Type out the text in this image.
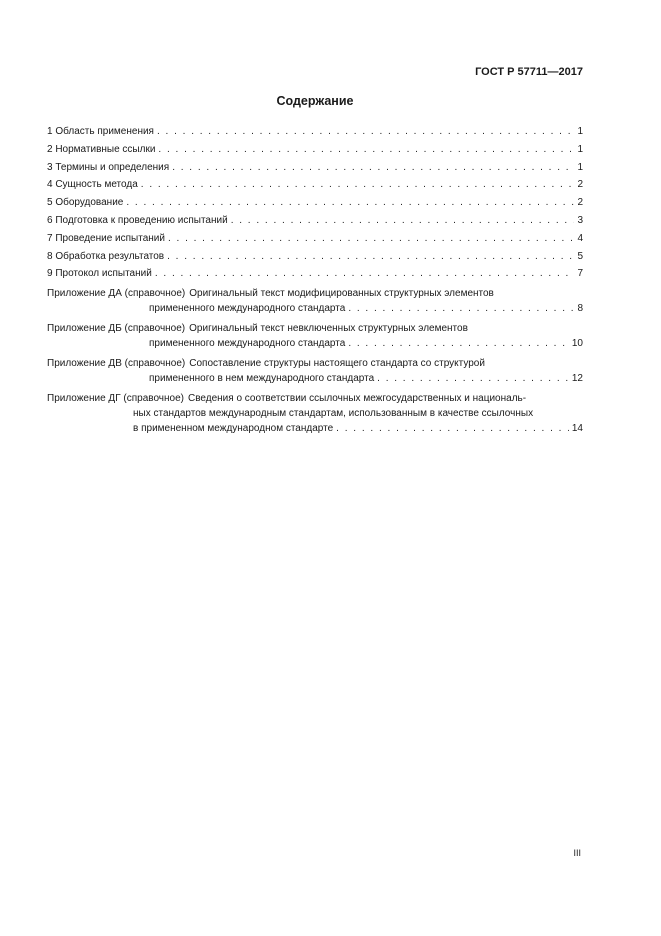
ГОСТ Р 57711—2017
Содержание
1 Область применения . . .	1
2 Нормативные ссылки . . .	1
3 Термины и определения . . .	1
4 Сущность метода . . .	2
5 Оборудование . . .	2
6 Подготовка к проведению испытаний . . .	3
7 Проведение испытаний . . .	4
8 Обработка результатов . . .	5
9 Протокол испытаний . . .	7
Приложение ДА (справочное) Оригинальный текст модифицированных структурных элементов
примененного международного стандарта . . .	8
Приложение ДБ (справочное) Оригинальный текст невключенных структурных элементов
примененного международного стандарта . . .	10
Приложение ДВ (справочное) Сопоставление структуры настоящего стандарта со структурой
примененного в нем международного стандарта . . .	12
Приложение ДГ (справочное) Сведения о соответствии ссылочных межгосударственных и националь-
ных стандартов международным стандартам, использованным в качестве ссылочных
в примененном международном стандарте . . .	14
III
